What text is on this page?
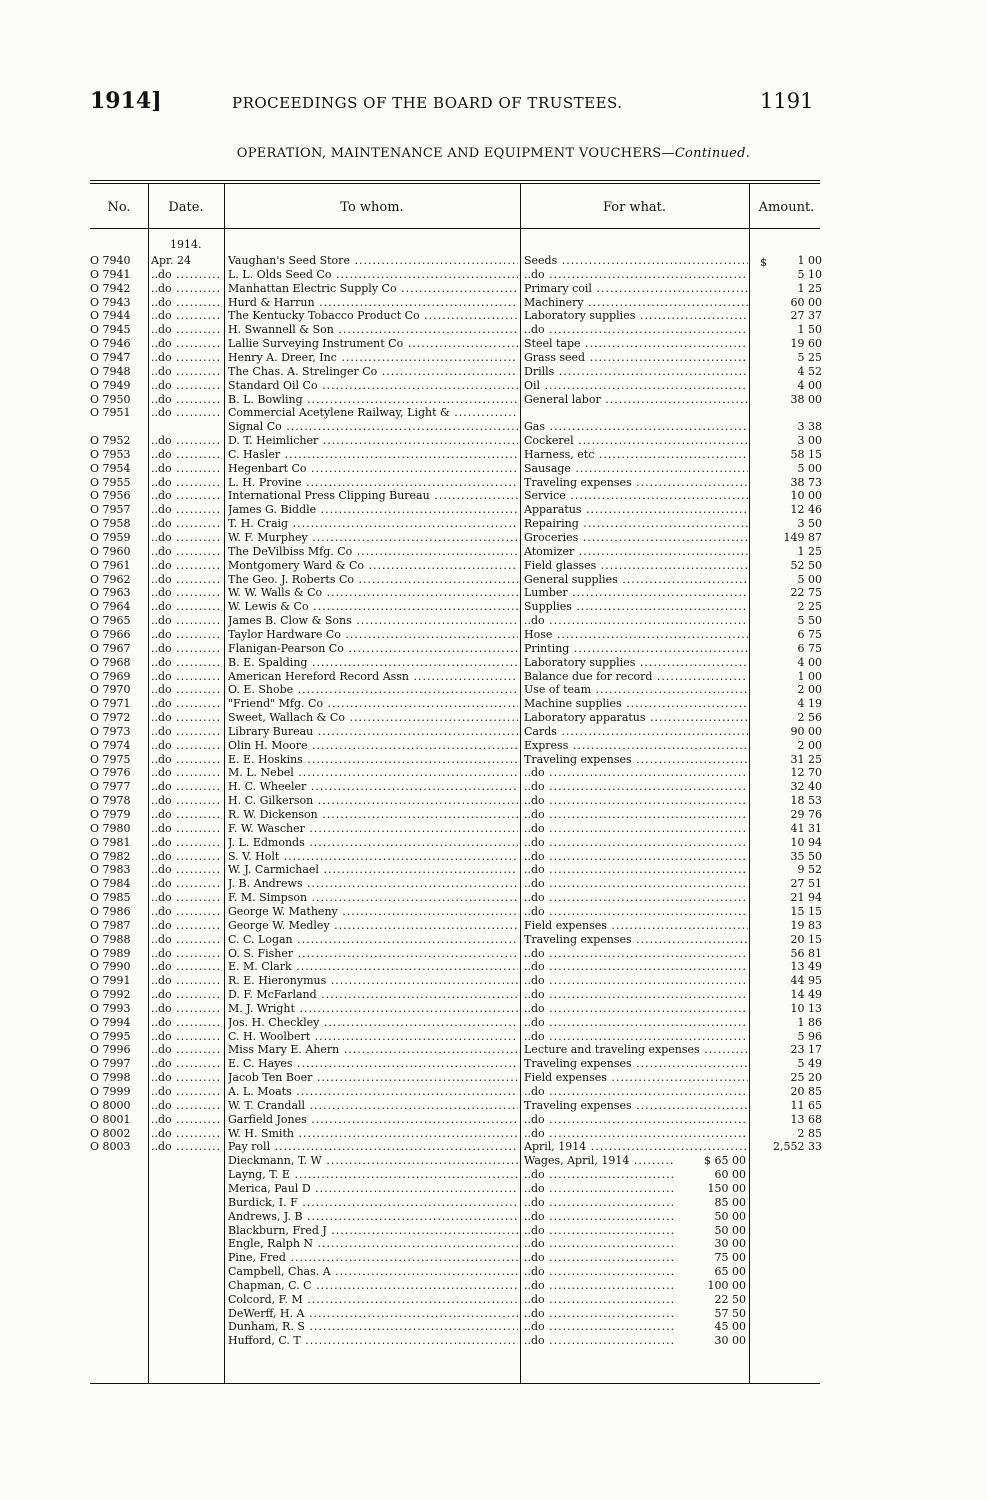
1914]	PROCEEDINGS OF THE BOARD OF TRUSTEES.	1191
OPERATION, MAINTENANCE AND EQUIPMENT VOUCHERS—Continued.
No.	Date.	To whom.	For what.	Amount.
1914.
$
O 7940	Apr. 24	Vaughan's Seed Store .....	Seeds .....	1 00
O 7941	..do .....	L. L. Olds Seed Co .....	..do .....	5 10
O 7942	..do .....	Manhattan Electric Supply Co .....	Primary coil .....	1 25
O 7943	..do .....	Hurd & Harrun .....	Machinery .....	60 00
O 7944	..do .....	The Kentucky Tobacco Product Co .....	Laboratory supplies .....	27 37
O 7945	..do .....	H. Swannell & Son .....	..do .....	1 50
O 7946	..do .....	Lallie Surveying Instrument Co .....	Steel tape .....	19 60
O 7947	..do .....	Henry A. Dreer, Inc .....	Grass seed .....	5 25
O 7948	..do .....	The Chas. A. Strelinger Co .....	Drills .....	4 52
O 7949	..do .....	Standard Oil Co .....	Oil .....	4 00
O 7950	..do .....	B. L. Bowling .....	General labor .....	38 00
O 7951	..do .....	Commercial Acetylene Railway, Light & .....
Signal Co .....	Gas .....	3 38
O 7952	..do .....	D. T. Heimlicher .....	Cockerel .....	3 00
O 7953	..do .....	C. Hasler .....	Harness, etc .....	58 15
O 7954	..do .....	Hegenbart Co .....	Sausage .....	5 00
O 7955	..do .....	L. H. Provine .....	Traveling expenses .....	38 73
O 7956	..do .....	International Press Clipping Bureau .....	Service .....	10 00
O 7957	..do .....	James G. Biddle .....	Apparatus .....	12 46
O 7958	..do .....	T. H. Craig .....	Repairing .....	3 50
O 7959	..do .....	W. F. Murphey .....	Groceries .....	149 87
O 7960	..do .....	The DeVilbiss Mfg. Co .....	Atomizer .....	1 25
O 7961	..do .....	Montgomery Ward & Co .....	Field glasses .....	52 50
O 7962	..do .....	The Geo. J. Roberts Co .....	General supplies .....	5 00
O 7963	..do .....	W. W. Walls & Co .....	Lumber .....	22 75
O 7964	..do .....	W. Lewis & Co .....	Supplies .....	2 25
O 7965	..do .....	James B. Clow & Sons .....	..do .....	5 50
O 7966	..do .....	Taylor Hardware Co .....	Hose .....	6 75
O 7967	..do .....	Flanigan-Pearson Co .....	Printing .....	6 75
O 7968	..do .....	B. E. Spalding .....	Laboratory supplies .....	4 00
O 7969	..do .....	American Hereford Record Assn .....	Balance due for record .....	1 00
O 7970	..do .....	O. E. Shobe .....	Use of team .....	2 00
O 7971	..do .....	"Friend" Mfg. Co .....	Machine supplies .....	4 19
O 7972	..do .....	Sweet, Wallach & Co .....	Laboratory apparatus .....	2 56
O 7973	..do .....	Library Bureau .....	Cards .....	90 00
O 7974	..do .....	Olin H. Moore .....	Express .....	2 00
O 7975	..do .....	E. E. Hoskins .....	Traveling expenses .....	31 25
O 7976	..do .....	M. L. Nebel .....	..do .....	12 70
O 7977	..do .....	H. C. Wheeler .....	..do .....	32 40
O 7978	..do .....	H. C. Gilkerson .....	..do .....	18 53
O 7979	..do .....	R. W. Dickenson .....	..do .....	29 76
O 7980	..do .....	F. W. Wascher .....	..do .....	41 31
O 7981	..do .....	J. L. Edmonds .....	..do .....	10 94
O 7982	..do .....	S. V. Holt .....	..do .....	35 50
O 7983	..do .....	W. J. Carmichael .....	..do .....	9 52
O 7984	..do .....	J. B. Andrews .....	..do .....	27 51
O 7985	..do .....	F. M. Simpson .....	..do .....	21 94
O 7986	..do .....	George W. Matheny .....	..do .....	15 15
O 7987	..do .....	George W. Medley .....	Field expenses .....	19 83
O 7988	..do .....	C. C. Logan .....	Traveling expenses .....	20 15
O 7989	..do .....	O. S. Fisher .....	..do .....	56 81
O 7990	..do .....	E. M. Clark .....	..do .....	13 49
O 7991	..do .....	R. E. Hieronymus .....	..do .....	44 95
O 7992	..do .....	D. F. McFarland .....	..do .....	14 49
O 7993	..do .....	M. J. Wright .....	..do .....	10 13
O 7994	..do .....	Jos. H. Checkley .....	..do .....	1 86
O 7995	..do .....	C. H. Woolbert .....	..do .....	5 96
O 7996	..do .....	Miss Mary E. Ahern .....	Lecture and traveling expenses .....	23 17
O 7997	..do .....	E. C. Hayes .....	Traveling expenses .....	5 49
O 7998	..do .....	Jacob Ten Boer .....	Field expenses .....	25 20
O 7999	..do .....	A. L. Moats .....	..do .....	20 85
O 8000	..do .....	W. T. Crandall .....	Traveling expenses .....	11 65
O 8001	..do .....	Garfield Jones .....	..do .....	13 68
O 8002	..do .....	W. H. Smith .....	..do .....	2 85
O 8003	..do .....	Pay roll .....	April, 1914 .....	2,552 33
Dieckmann, T. W .....	Wages, April, 1914 .....	$ 65 00
Layng, T. E .....	..do .....	60 00
Merica, Paul D .....	..do .....	150 00
Burdick, I. F .....	..do .....	85 00
Andrews, J. B .....	..do .....	50 00
Blackburn, Fred J .....	..do .....	50 00
Engle, Ralph N .....	..do .....	30 00
Pine, Fred .....	..do .....	75 00
Campbell, Chas. A .....	..do .....	65 00
Chapman, C. C .....	..do .....	100 00
Colcord, F. M .....	..do .....	22 50
DeWerff, H. A .....	..do .....	57 50
Dunham, R. S .....	..do .....	45 00
Hufford, C. T .....	..do .....	30 00
